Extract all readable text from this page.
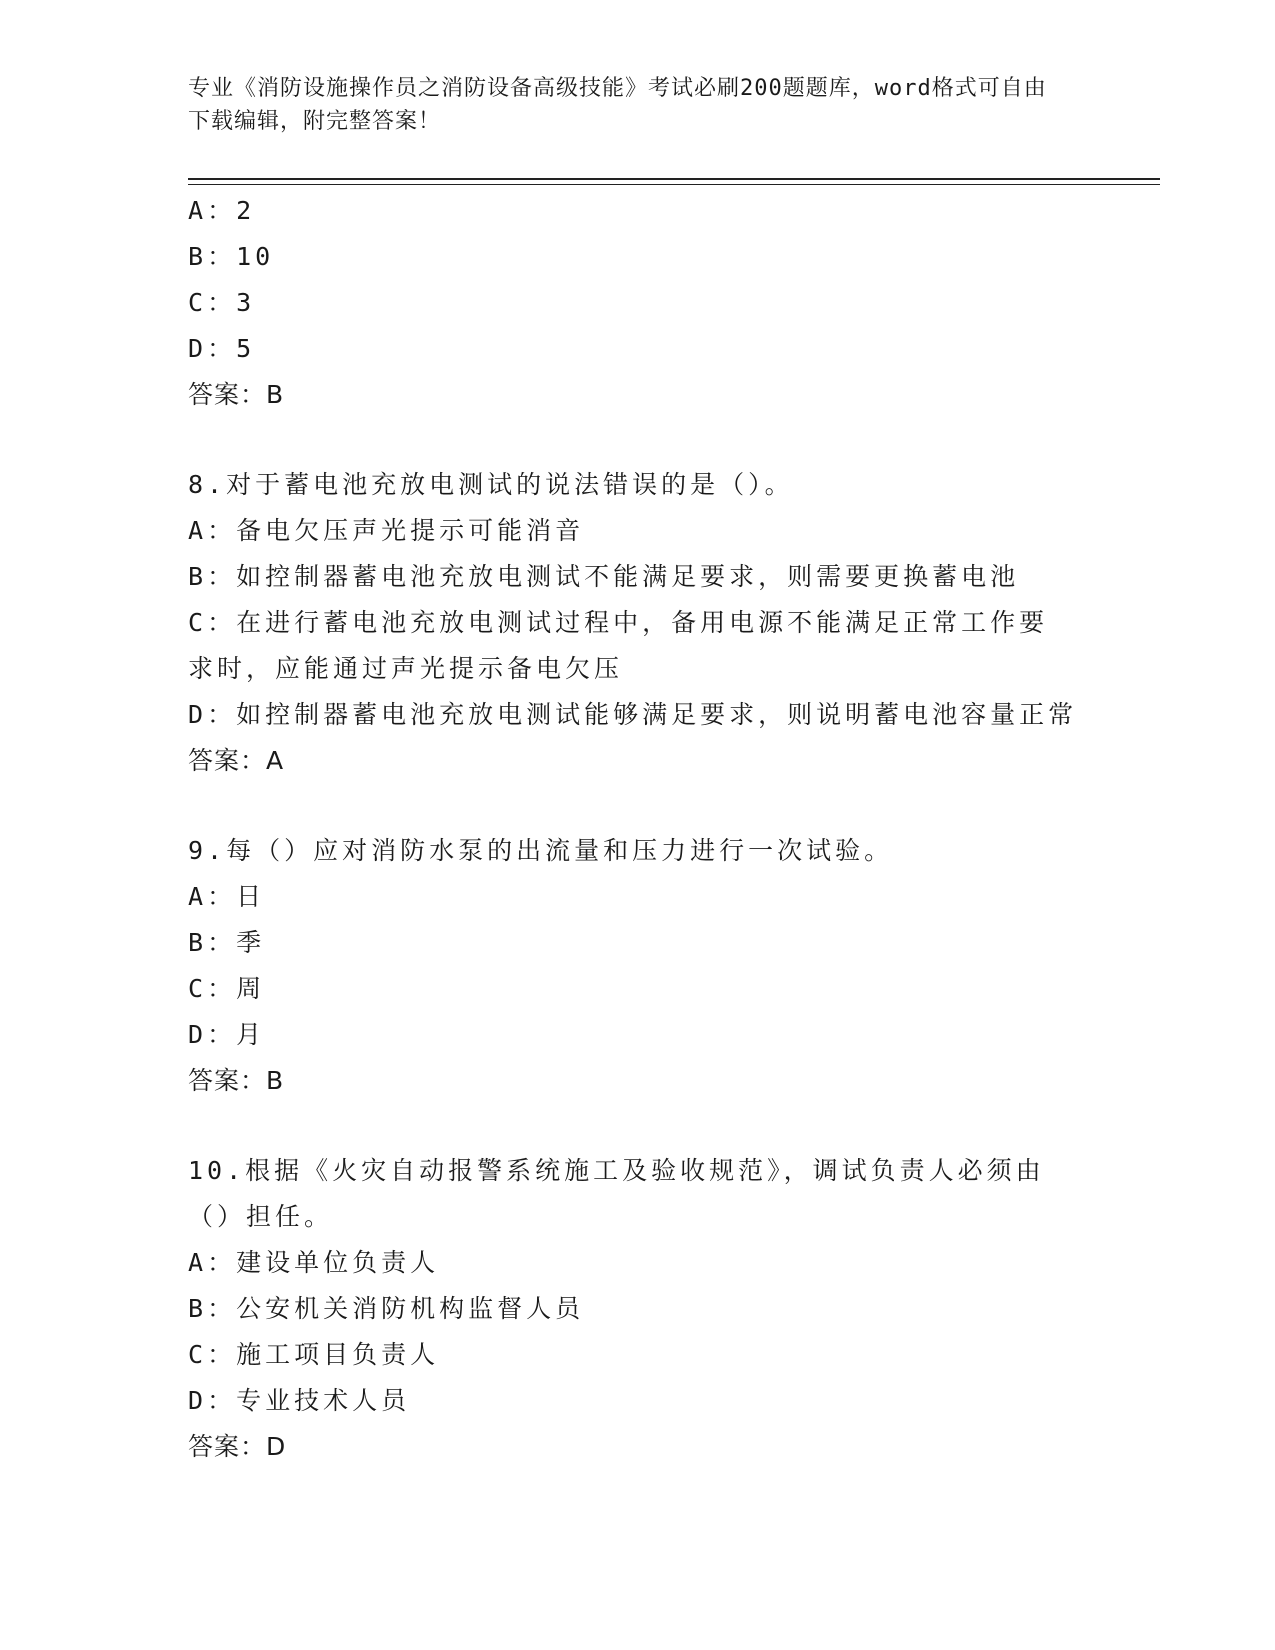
专业《消防设施操作员之消防设备高级技能》考试必刷200题题库，word格式可自由下载编辑，附完整答案！
A：2
B：10
C：3
D：5
答案：B
8.对于蓄电池充放电测试的说法错误的是（）。
A：备电欠压声光提示可能消音
B：如控制器蓄电池充放电测试不能满足要求，则需要更换蓄电池
C：在进行蓄电池充放电测试过程中，备用电源不能满足正常工作要求时，应能通过声光提示备电欠压
D：如控制器蓄电池充放电测试能够满足要求，则说明蓄电池容量正常
答案：A
9.每（）应对消防水泵的出流量和压力进行一次试验。
A：日
B：季
C：周
D：月
答案：B
10.根据《火灾自动报警系统施工及验收规范》，调试负责人必须由（）担任。
A：建设单位负责人
B：公安机关消防机构监督人员
C：施工项目负责人
D：专业技术人员
答案：D
